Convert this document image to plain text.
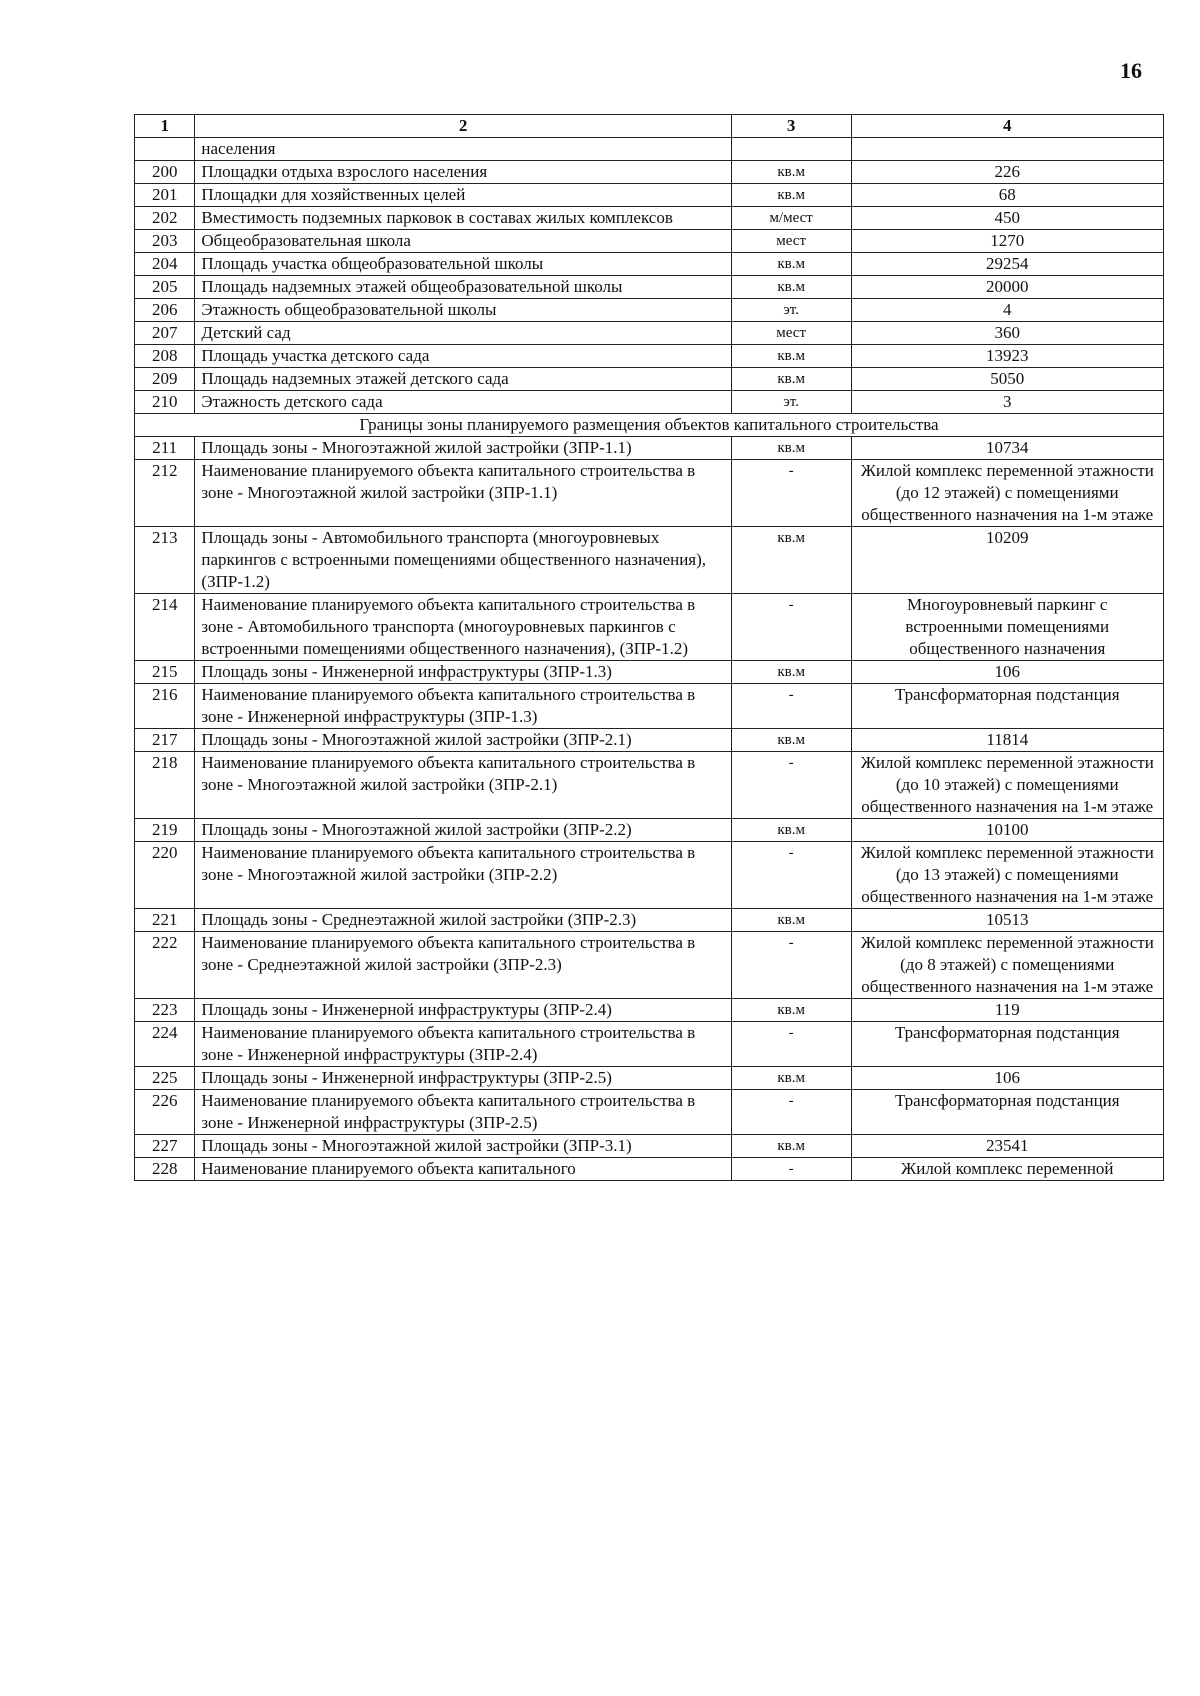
16
1	2	3	4
	населения		
200	Площадки отдыха взрослого населения	кв.м	226
201	Площадки для хозяйственных целей	кв.м	68
202	Вместимость подземных парковок в составах жилых комплексов	м/мест	450
203	Общеобразовательная школа	мест	1270
204	Площадь участка общеобразовательной школы	кв.м	29254
205	Площадь надземных этажей общеобразовательной школы	кв.м	20000
206	Этажность общеобразовательной школы	эт.	4
207	Детский сад	мест	360
208	Площадь участка детского сада	кв.м	13923
209	Площадь надземных этажей детского сада	кв.м	5050
210	Этажность детского сада	эт.	3
Границы зоны планируемого размещения объектов капитального строительства			
211	Площадь зоны - Многоэтажной жилой застройки (ЗПР-1.1)	кв.м	10734
212	Наименование планируемого объекта капитального строительства в зоне - Многоэтажной жилой застройки (ЗПР-1.1)	-	Жилой комплекс переменной этажности (до 12 этажей) с помещениями общественного назначения на 1-м этаже
213	Площадь зоны - Автомобильного транспорта (многоуровневых паркингов с встроенными помещениями общественного назначения), (ЗПР-1.2)	кв.м	10209
214	Наименование планируемого объекта капитального строительства в зоне - Автомобильного транспорта (многоуровневых паркингов с встроенными помещениями общественного назначения), (ЗПР-1.2)	-	Многоуровневый паркинг с встроенными помещениями общественного назначения
215	Площадь зоны - Инженерной инфраструктуры (ЗПР-1.3)	кв.м	106
216	Наименование планируемого объекта капитального строительства в зоне - Инженерной инфраструктуры (ЗПР-1.3)	-	Трансформаторная подстанция
217	Площадь зоны - Многоэтажной жилой застройки (ЗПР-2.1)	кв.м	11814
218	Наименование планируемого объекта капитального строительства в зоне - Многоэтажной жилой застройки (ЗПР-2.1)	-	Жилой комплекс переменной этажности (до 10 этажей) с помещениями общественного назначения на 1-м этаже
219	Площадь зоны - Многоэтажной жилой застройки (ЗПР-2.2)	кв.м	10100
220	Наименование планируемого объекта капитального строительства в зоне - Многоэтажной жилой застройки (ЗПР-2.2)	-	Жилой комплекс переменной этажности (до 13 этажей) с помещениями общественного назначения на 1-м этаже
221	Площадь зоны - Среднеэтажной жилой застройки (ЗПР-2.3)	кв.м	10513
222	Наименование планируемого объекта капитального строительства в зоне - Среднеэтажной жилой застройки (ЗПР-2.3)	-	Жилой комплекс переменной этажности (до 8 этажей) с помещениями общественного назначения на 1-м этаже
223	Площадь зоны - Инженерной инфраструктуры (ЗПР-2.4)	кв.м	119
224	Наименование планируемого объекта капитального строительства в зоне - Инженерной инфраструктуры (ЗПР-2.4)	-	Трансформаторная подстанция
225	Площадь зоны - Инженерной инфраструктуры (ЗПР-2.5)	кв.м	106
226	Наименование планируемого объекта капитального строительства в зоне - Инженерной инфраструктуры (ЗПР-2.5)	-	Трансформаторная подстанция
227	Площадь зоны - Многоэтажной жилой застройки (ЗПР-3.1)	кв.м	23541
228	Наименование планируемого объекта капитального	-	Жилой комплекс переменной
